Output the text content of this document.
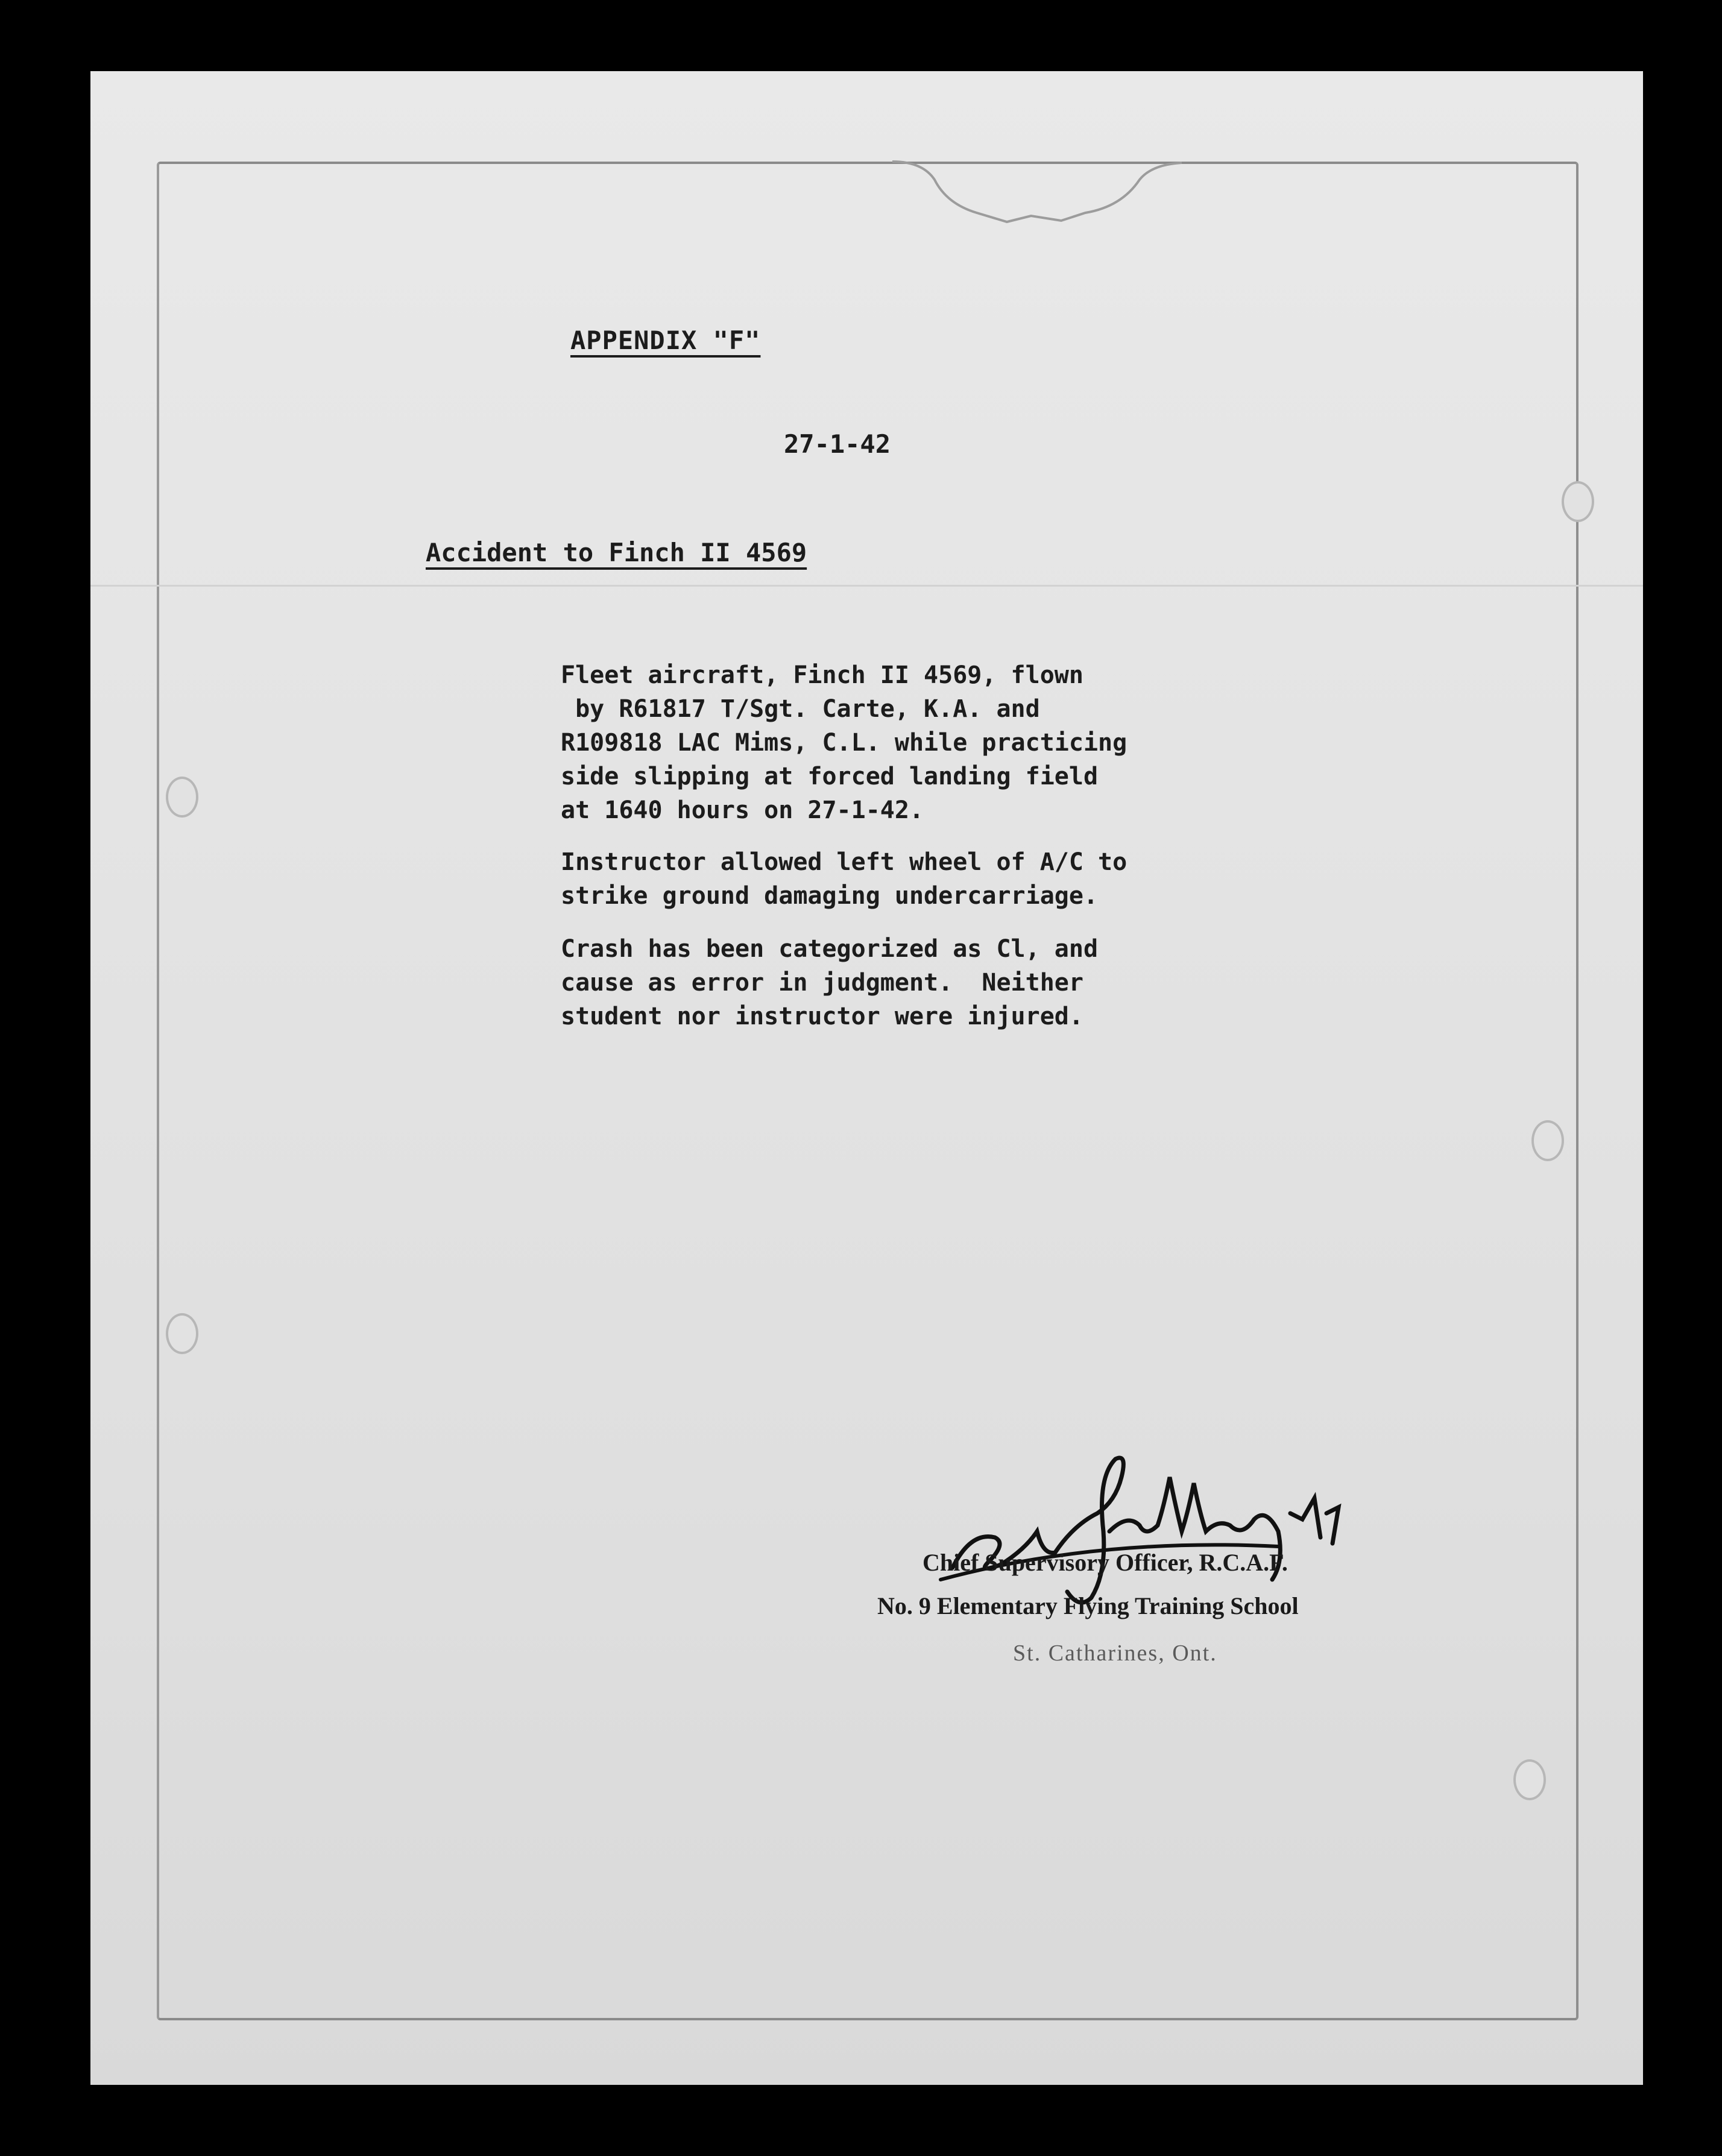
APPENDIX "F"
27-1-42
Accident to Finch II 4569
Fleet aircraft, Finch II 4569, flown
by R61817 T/Sgt. Carte, K.A. and
R109818 LAC Mims, C.L. while practicing
side slipping at forced landing field
at 1640 hours on 27-1-42.
Instructor allowed left wheel of A/C to
strike ground damaging undercarriage.
Crash has been categorized as Cl, and
cause as error in judgment.  Neither
student nor instructor were injured.
Chief Supervisory Officer, R.C.A.F.
No. 9 Elementary Flying Training School
St. Catharines, Ont.
